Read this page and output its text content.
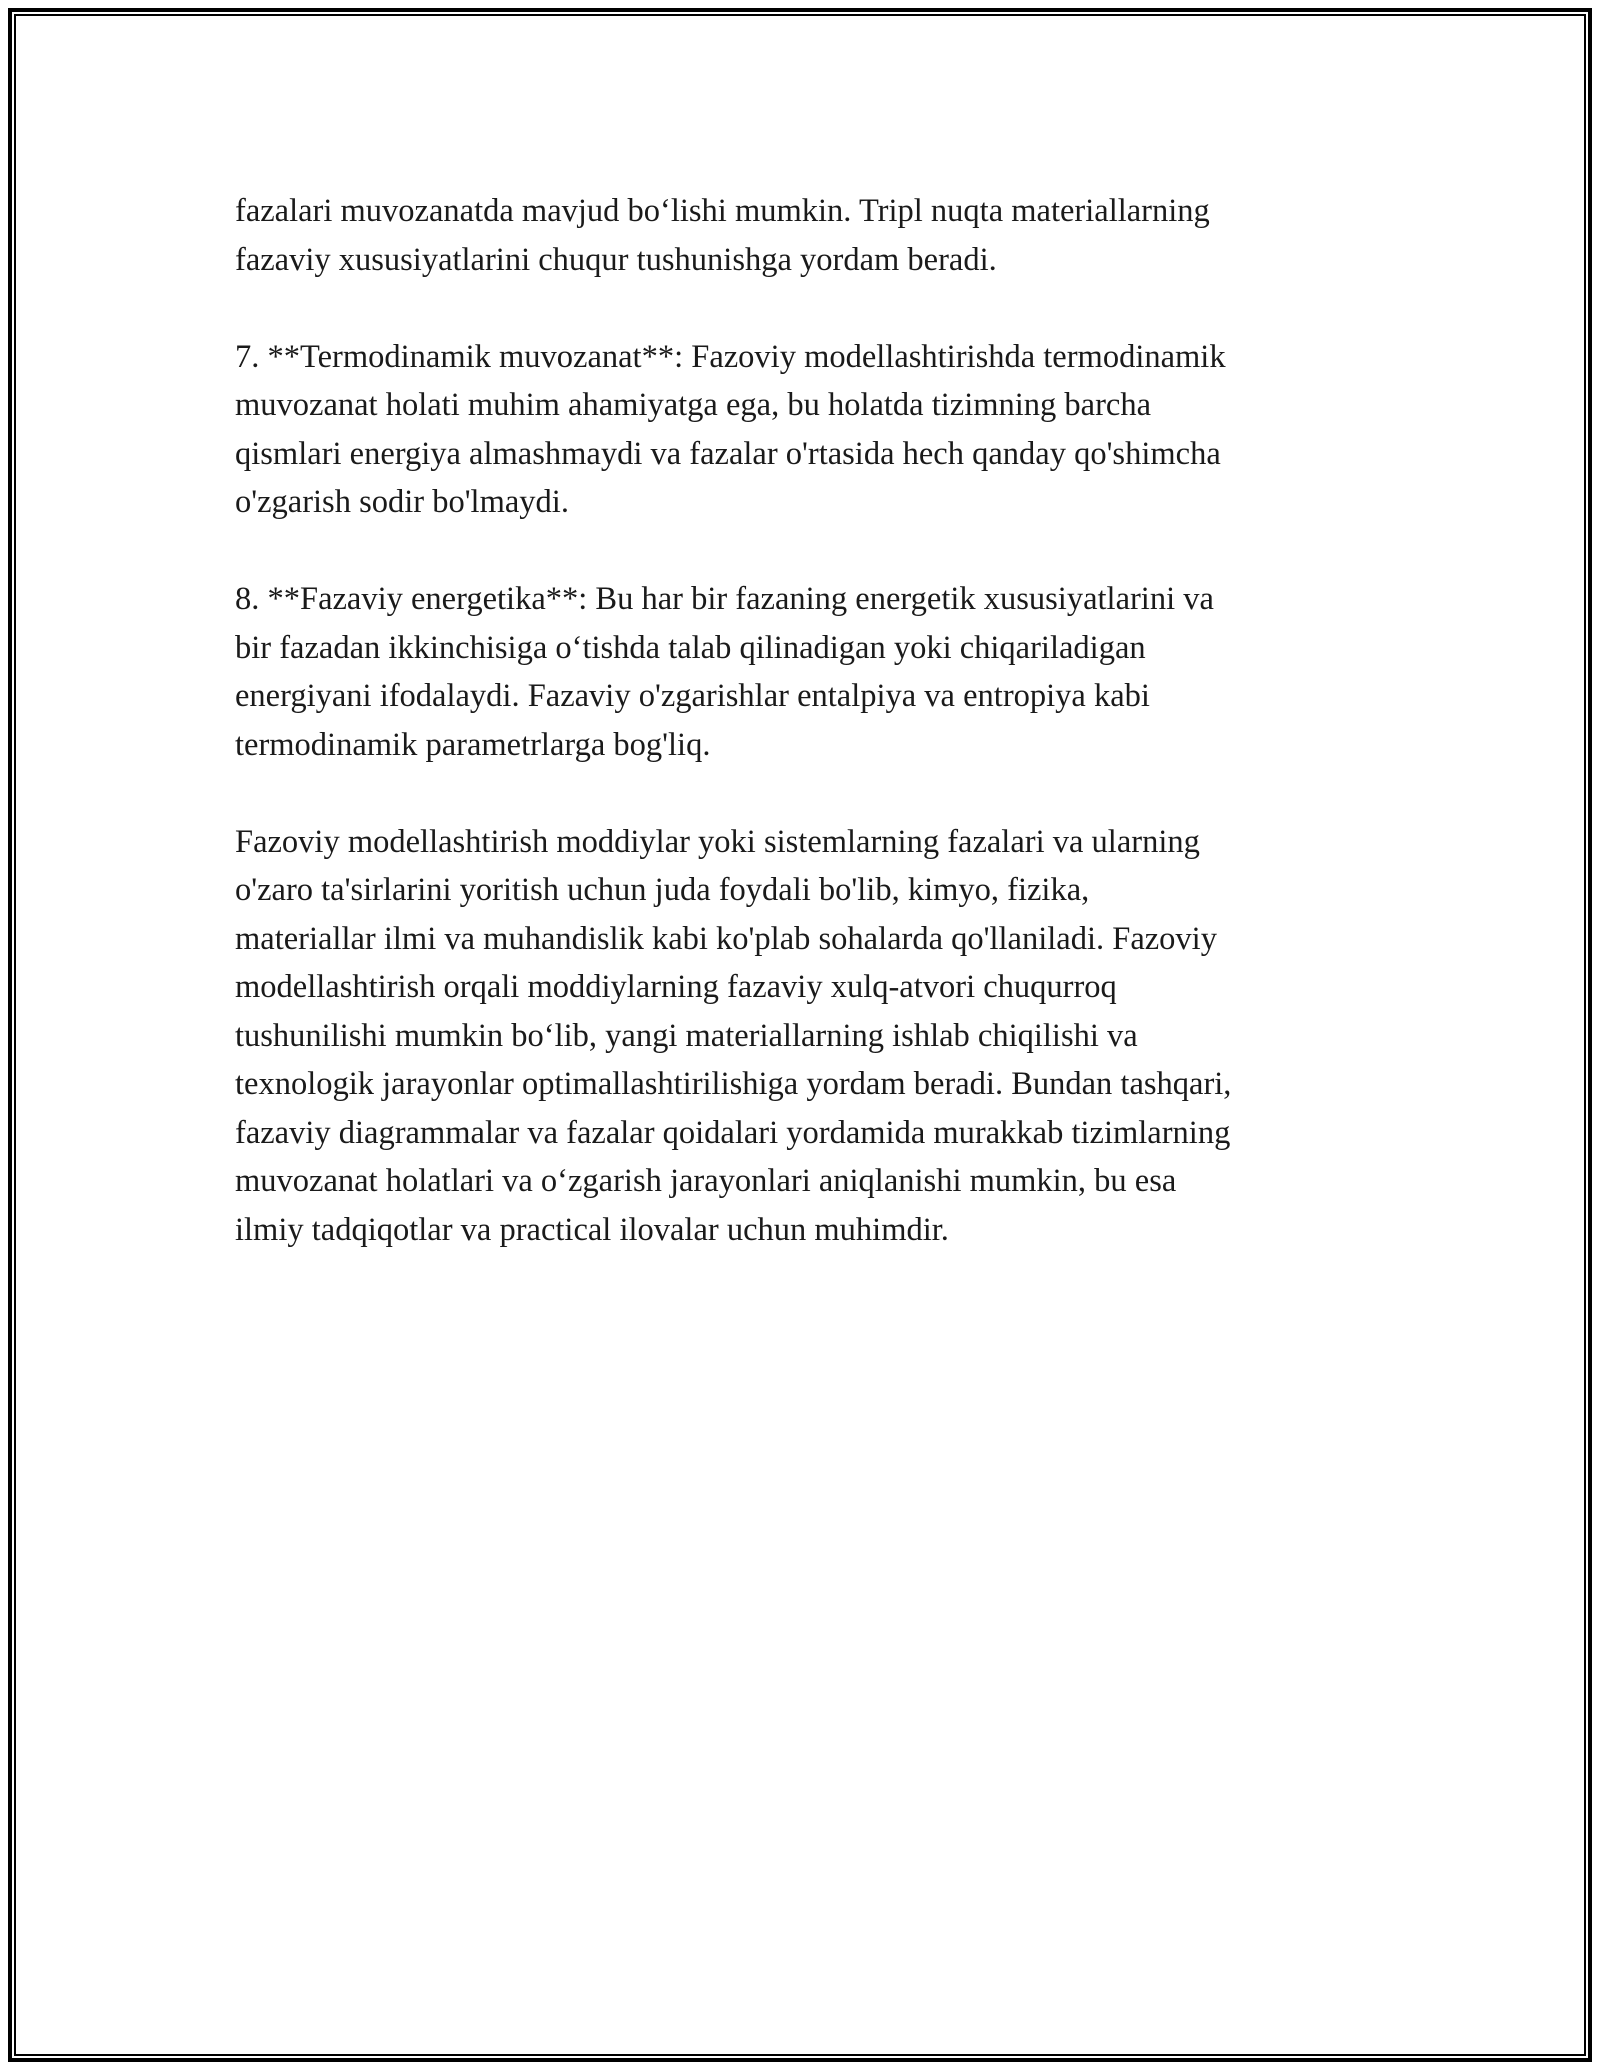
fazalari muvozanatda mavjud bo‘lishi mumkin. Tripl nuqta materiallarning
fazaviy xususiyatlarini chuqur tushunishga yordam beradi.

7. **Termodinamik muvozanat**: Fazoviy modellashtirishda termodinamik
muvozanat holati muhim ahamiyatga ega, bu holatda tizimning barcha
qismlari energiya almashmaydi va fazalar o'rtasida hech qanday qo'shimcha
o'zgarish sodir bo'lmaydi.

8. **Fazaviy energetika**: Bu har bir fazaning energetik xususiyatlarini va
bir fazadan ikkinchisiga o‘tishda talab qilinadigan yoki chiqariladigan
energiyani ifodalaydi. Fazaviy o'zgarishlar entalpiya va entropiya kabi
termodinamik parametrlarga bog'liq.

Fazoviy modellashtirish moddiylar yoki sistemlarning fazalari va ularning
o'zaro ta'sirlarini yoritish uchun juda foydali bo'lib, kimyo, fizika,
materiallar ilmi va muhandislik kabi ko'plab sohalarda qo'llaniladi. Fazoviy
modellashtirish orqali moddiylarning fazaviy xulq-atvori chuqurroq
tushunilishi mumkin bo‘lib, yangi materiallarning ishlab chiqilishi va
texnologik jarayonlar optimallashtirilishiga yordam beradi. Bundan tashqari,
fazaviy diagrammalar va fazalar qoidalari yordamida murakkab tizimlarning
muvozanat holatlari va o‘zgarish jarayonlari aniqlanishi mumkin, bu esa
ilmiy tadqiqotlar va practical ilovalar uchun muhimdir.
